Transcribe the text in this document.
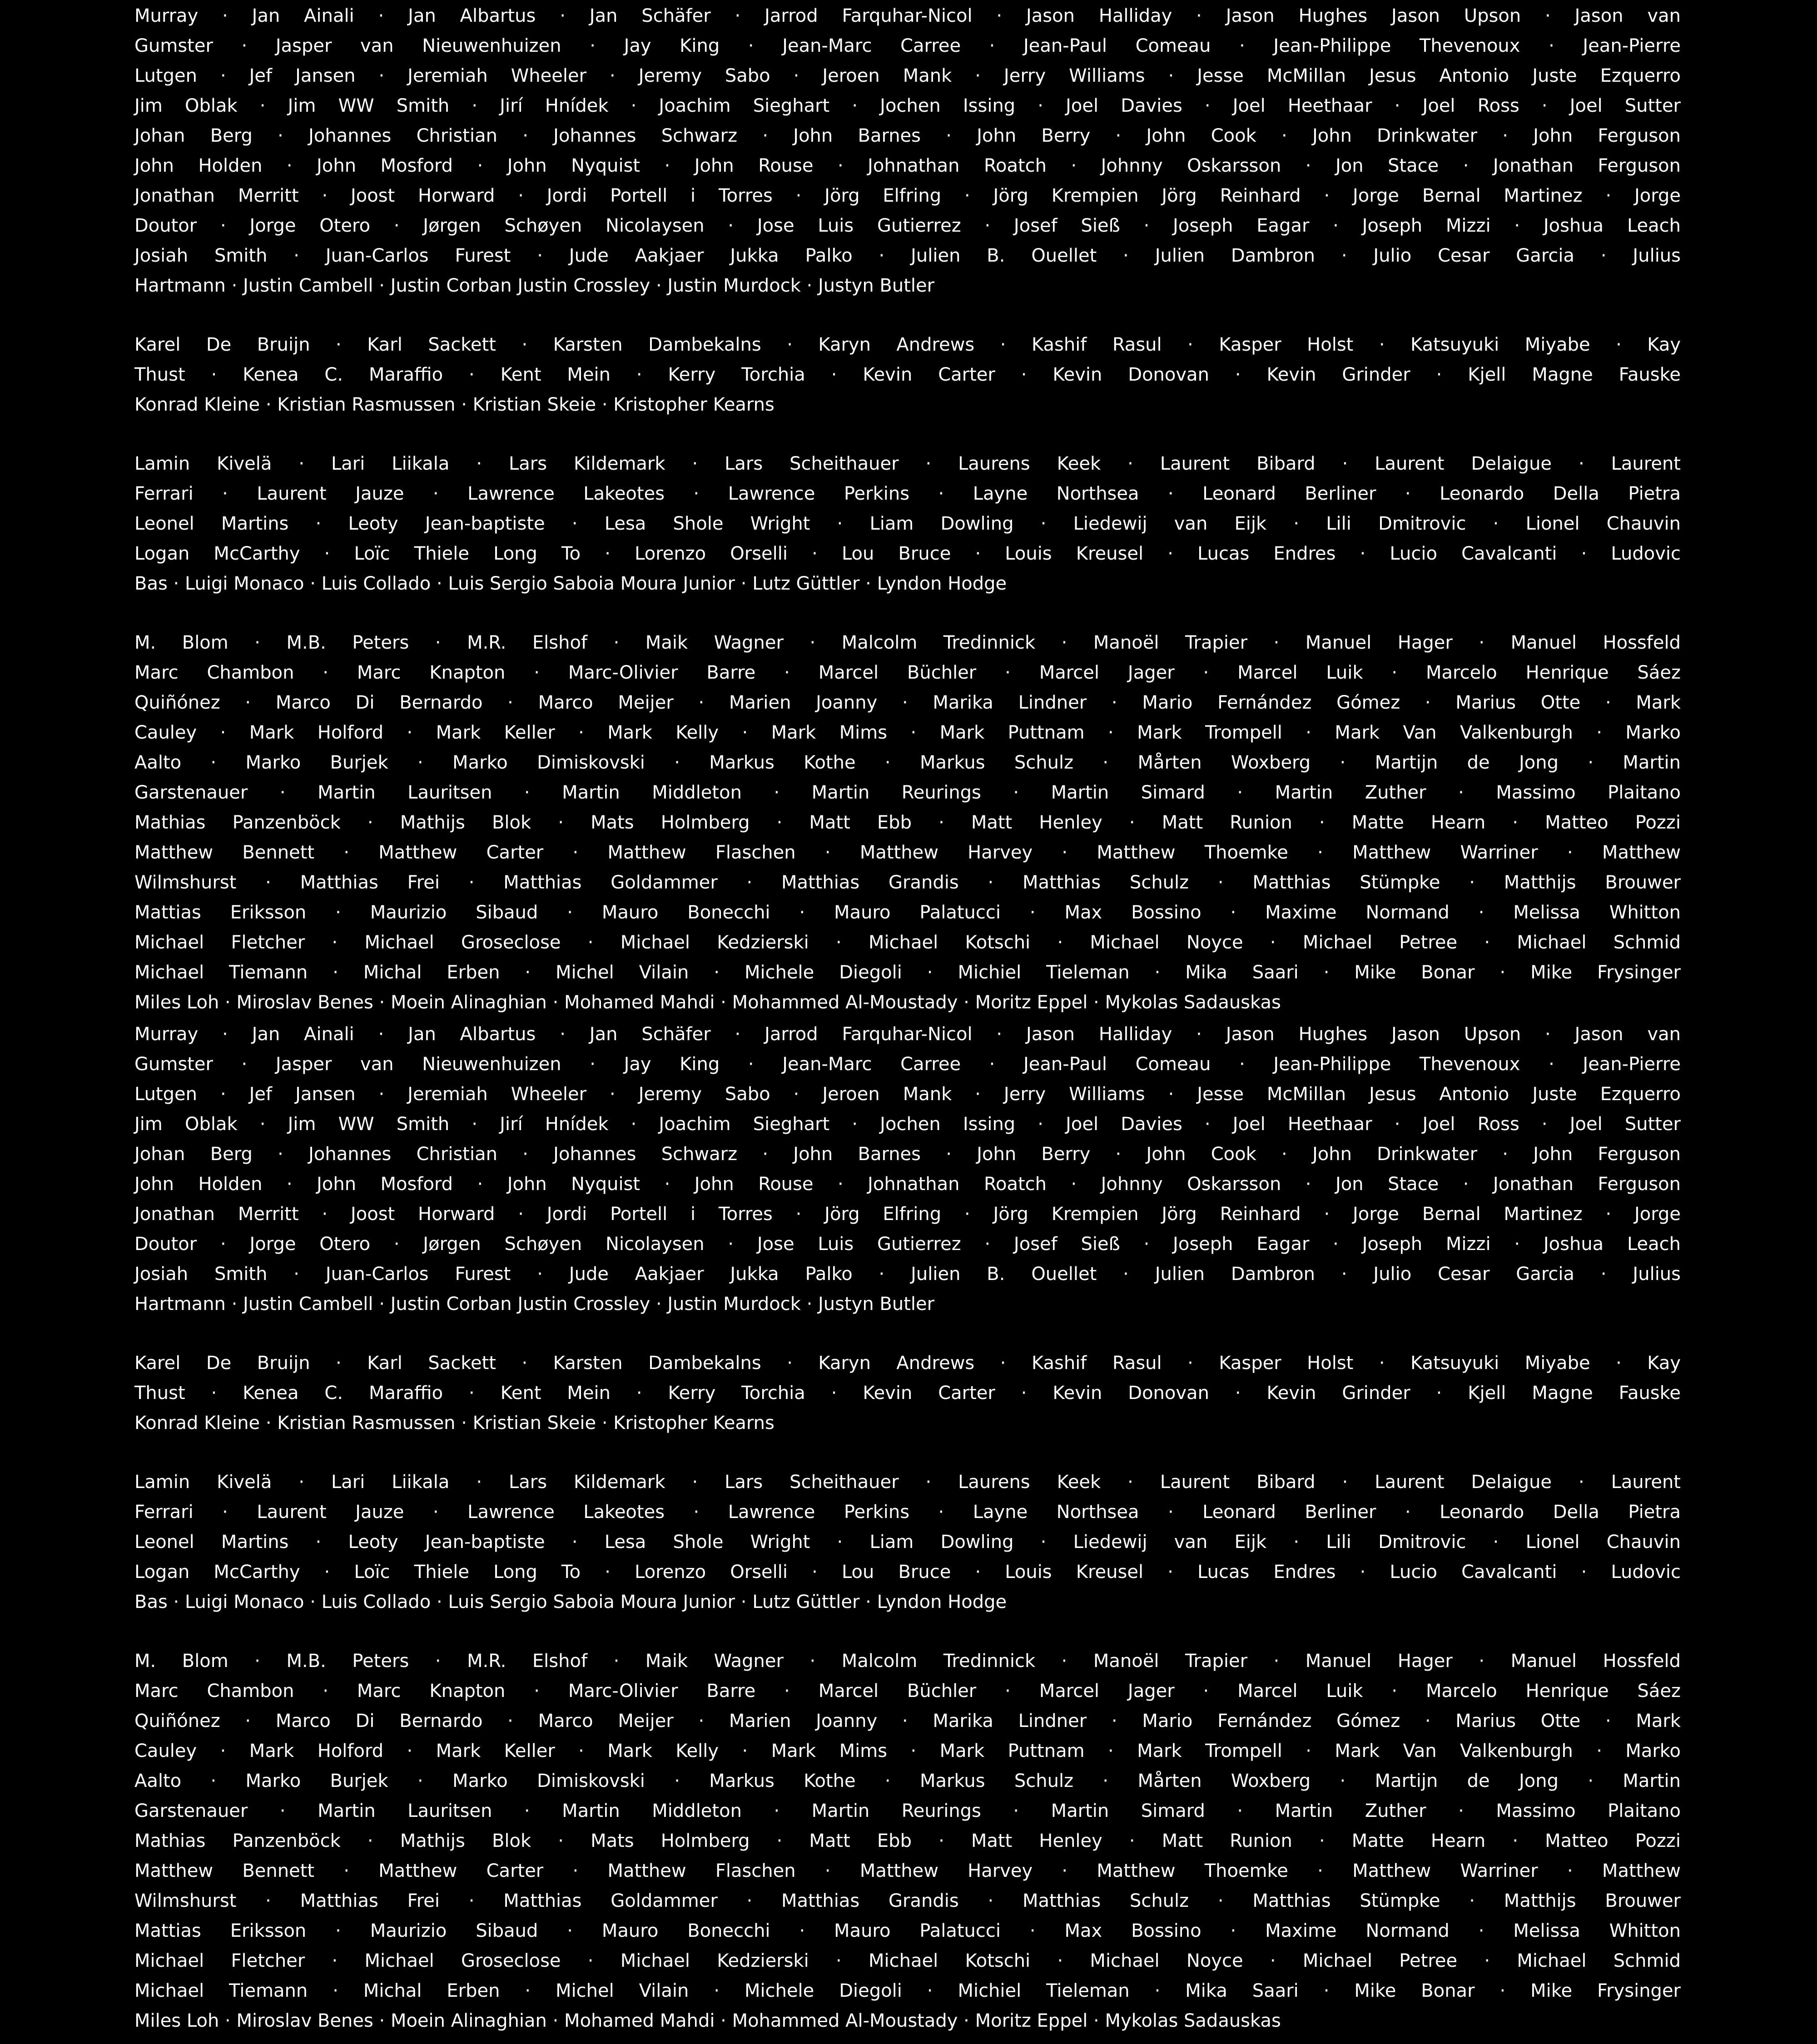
Murray · Jan Ainali · Jan Albartus · Jan Schäfer · Jarrod Farquhar-Nicol · Jason Halliday · Jason Hughes Jason Upson · Jason van
Gumster · Jasper van Nieuwenhuizen · Jay King · Jean-Marc Carree · Jean-Paul Comeau · Jean-Philippe Thevenoux · Jean-Pierre
Lutgen · Jef Jansen · Jeremiah Wheeler · Jeremy Sabo · Jeroen Mank · Jerry Williams · Jesse McMillan Jesus Antonio Juste Ezquerro
Jim Oblak · Jim WW Smith · Jirí Hnídek · Joachim Sieghart · Jochen Issing · Joel Davies · Joel Heethaar · Joel Ross · Joel Sutter
Johan Berg · Johannes Christian · Johannes Schwarz · John Barnes · John Berry · John Cook · John Drinkwater · John Ferguson
John Holden · John Mosford · John Nyquist · John Rouse · Johnathan Roatch · Johnny Oskarsson · Jon Stace · Jonathan Ferguson
Jonathan Merritt · Joost Horward · Jordi Portell i Torres · Jörg Elfring · Jörg Krempien Jörg Reinhard · Jorge Bernal Martinez · Jorge
Doutor · Jorge Otero · Jørgen Schøyen Nicolaysen · Jose Luis Gutierrez · Josef Sieß · Joseph Eagar · Joseph Mizzi · Joshua Leach
Josiah Smith · Juan-Carlos Furest · Jude Aakjaer Jukka Palko · Julien B. Ouellet · Julien Dambron · Julio Cesar Garcia · Julius
Hartmann · Justin Cambell · Justin Corban Justin Crossley · Justin Murdock · Justyn Butler
Karel De Bruijn · Karl Sackett · Karsten Dambekalns · Karyn Andrews · Kashif Rasul · Kasper Holst · Katsuyuki Miyabe · Kay
Thust · Kenea C. Maraffio · Kent Mein · Kerry Torchia · Kevin Carter · Kevin Donovan · Kevin Grinder · Kjell Magne Fauske
Konrad Kleine · Kristian Rasmussen · Kristian Skeie · Kristopher Kearns
Lamin Kivelä · Lari Liikala · Lars Kildemark · Lars Scheithauer · Laurens Keek · Laurent Bibard · Laurent Delaigue · Laurent
Ferrari · Laurent Jauze · Lawrence Lakeotes · Lawrence Perkins · Layne Northsea · Leonard Berliner · Leonardo Della Pietra
Leonel Martins · Leoty Jean-baptiste · Lesa Shole Wright · Liam Dowling · Liedewij van Eijk · Lili Dmitrovic · Lionel Chauvin
Logan McCarthy · Loïc Thiele Long To · Lorenzo Orselli · Lou Bruce · Louis Kreusel · Lucas Endres · Lucio Cavalcanti · Ludovic
Bas · Luigi Monaco · Luis Collado · Luis Sergio Saboia Moura Junior · Lutz Güttler · Lyndon Hodge
M. Blom · M.B. Peters · M.R. Elshof · Maik Wagner · Malcolm Tredinnick · Manoël Trapier · Manuel Hager · Manuel Hossfeld
Marc Chambon · Marc Knapton · Marc-Olivier Barre · Marcel Büchler · Marcel Jager · Marcel Luik · Marcelo Henrique Sáez
Quiñónez · Marco Di Bernardo · Marco Meijer · Marien Joanny · Marika Lindner · Mario Fernández Gómez · Marius Otte · Mark
Cauley · Mark Holford · Mark Keller · Mark Kelly · Mark Mims · Mark Puttnam · Mark Trompell · Mark Van Valkenburgh · Marko
Aalto · Marko Burjek · Marko Dimiskovski · Markus Kothe · Markus Schulz · Mårten Woxberg · Martijn de Jong · Martin
Garstenauer · Martin Lauritsen · Martin Middleton · Martin Reurings · Martin Simard · Martin Zuther · Massimo Plaitano
Mathias Panzenböck · Mathijs Blok · Mats Holmberg · Matt Ebb · Matt Henley · Matt Runion · Matte Hearn · Matteo Pozzi
Matthew Bennett · Matthew Carter · Matthew Flaschen · Matthew Harvey · Matthew Thoemke · Matthew Warriner · Matthew
Wilmshurst · Matthias Frei · Matthias Goldammer · Matthias Grandis · Matthias Schulz · Matthias Stümpke · Matthijs Brouwer
Mattias Eriksson · Maurizio Sibaud · Mauro Bonecchi · Mauro Palatucci · Max Bossino · Maxime Normand · Melissa Whitton
Michael Fletcher · Michael Groseclose · Michael Kedzierski · Michael Kotschi · Michael Noyce · Michael Petree · Michael Schmid
Michael Tiemann · Michal Erben · Michel Vilain · Michele Diegoli · Michiel Tieleman · Mika Saari · Mike Bonar · Mike Frysinger
Miles Loh · Miroslav Benes · Moein Alinaghian · Mohamed Mahdi · Mohammed Al-Moustady · Moritz Eppel · Mykolas Sadauskas
Murray · Jan Ainali · Jan Albartus · Jan Schäfer · Jarrod Farquhar-Nicol · Jason Halliday · Jason Hughes Jason Upson · Jason van
Gumster · Jasper van Nieuwenhuizen · Jay King · Jean-Marc Carree · Jean-Paul Comeau · Jean-Philippe Thevenoux · Jean-Pierre
Lutgen · Jef Jansen · Jeremiah Wheeler · Jeremy Sabo · Jeroen Mank · Jerry Williams · Jesse McMillan Jesus Antonio Juste Ezquerro
Jim Oblak · Jim WW Smith · Jirí Hnídek · Joachim Sieghart · Jochen Issing · Joel Davies · Joel Heethaar · Joel Ross · Joel Sutter
Johan Berg · Johannes Christian · Johannes Schwarz · John Barnes · John Berry · John Cook · John Drinkwater · John Ferguson
John Holden · John Mosford · John Nyquist · John Rouse · Johnathan Roatch · Johnny Oskarsson · Jon Stace · Jonathan Ferguson
Jonathan Merritt · Joost Horward · Jordi Portell i Torres · Jörg Elfring · Jörg Krempien Jörg Reinhard · Jorge Bernal Martinez · Jorge
Doutor · Jorge Otero · Jørgen Schøyen Nicolaysen · Jose Luis Gutierrez · Josef Sieß · Joseph Eagar · Joseph Mizzi · Joshua Leach
Josiah Smith · Juan-Carlos Furest · Jude Aakjaer Jukka Palko · Julien B. Ouellet · Julien Dambron · Julio Cesar Garcia · Julius
Hartmann · Justin Cambell · Justin Corban Justin Crossley · Justin Murdock · Justyn Butler
Karel De Bruijn · Karl Sackett · Karsten Dambekalns · Karyn Andrews · Kashif Rasul · Kasper Holst · Katsuyuki Miyabe · Kay
Thust · Kenea C. Maraffio · Kent Mein · Kerry Torchia · Kevin Carter · Kevin Donovan · Kevin Grinder · Kjell Magne Fauske
Konrad Kleine · Kristian Rasmussen · Kristian Skeie · Kristopher Kearns
Lamin Kivelä · Lari Liikala · Lars Kildemark · Lars Scheithauer · Laurens Keek · Laurent Bibard · Laurent Delaigue · Laurent
Ferrari · Laurent Jauze · Lawrence Lakeotes · Lawrence Perkins · Layne Northsea · Leonard Berliner · Leonardo Della Pietra
Leonel Martins · Leoty Jean-baptiste · Lesa Shole Wright · Liam Dowling · Liedewij van Eijk · Lili Dmitrovic · Lionel Chauvin
Logan McCarthy · Loïc Thiele Long To · Lorenzo Orselli · Lou Bruce · Louis Kreusel · Lucas Endres · Lucio Cavalcanti · Ludovic
Bas · Luigi Monaco · Luis Collado · Luis Sergio Saboia Moura Junior · Lutz Güttler · Lyndon Hodge
M. Blom · M.B. Peters · M.R. Elshof · Maik Wagner · Malcolm Tredinnick · Manoël Trapier · Manuel Hager · Manuel Hossfeld
Marc Chambon · Marc Knapton · Marc-Olivier Barre · Marcel Büchler · Marcel Jager · Marcel Luik · Marcelo Henrique Sáez
Quiñónez · Marco Di Bernardo · Marco Meijer · Marien Joanny · Marika Lindner · Mario Fernández Gómez · Marius Otte · Mark
Cauley · Mark Holford · Mark Keller · Mark Kelly · Mark Mims · Mark Puttnam · Mark Trompell · Mark Van Valkenburgh · Marko
Aalto · Marko Burjek · Marko Dimiskovski · Markus Kothe · Markus Schulz · Mårten Woxberg · Martijn de Jong · Martin
Garstenauer · Martin Lauritsen · Martin Middleton · Martin Reurings · Martin Simard · Martin Zuther · Massimo Plaitano
Mathias Panzenböck · Mathijs Blok · Mats Holmberg · Matt Ebb · Matt Henley · Matt Runion · Matte Hearn · Matteo Pozzi
Matthew Bennett · Matthew Carter · Matthew Flaschen · Matthew Harvey · Matthew Thoemke · Matthew Warriner · Matthew
Wilmshurst · Matthias Frei · Matthias Goldammer · Matthias Grandis · Matthias Schulz · Matthias Stümpke · Matthijs Brouwer
Mattias Eriksson · Maurizio Sibaud · Mauro Bonecchi · Mauro Palatucci · Max Bossino · Maxime Normand · Melissa Whitton
Michael Fletcher · Michael Groseclose · Michael Kedzierski · Michael Kotschi · Michael Noyce · Michael Petree · Michael Schmid
Michael Tiemann · Michal Erben · Michel Vilain · Michele Diegoli · Michiel Tieleman · Mika Saari · Mike Bonar · Mike Frysinger
Miles Loh · Miroslav Benes · Moein Alinaghian · Mohamed Mahdi · Mohammed Al-Moustady · Moritz Eppel · Mykolas Sadauskas
